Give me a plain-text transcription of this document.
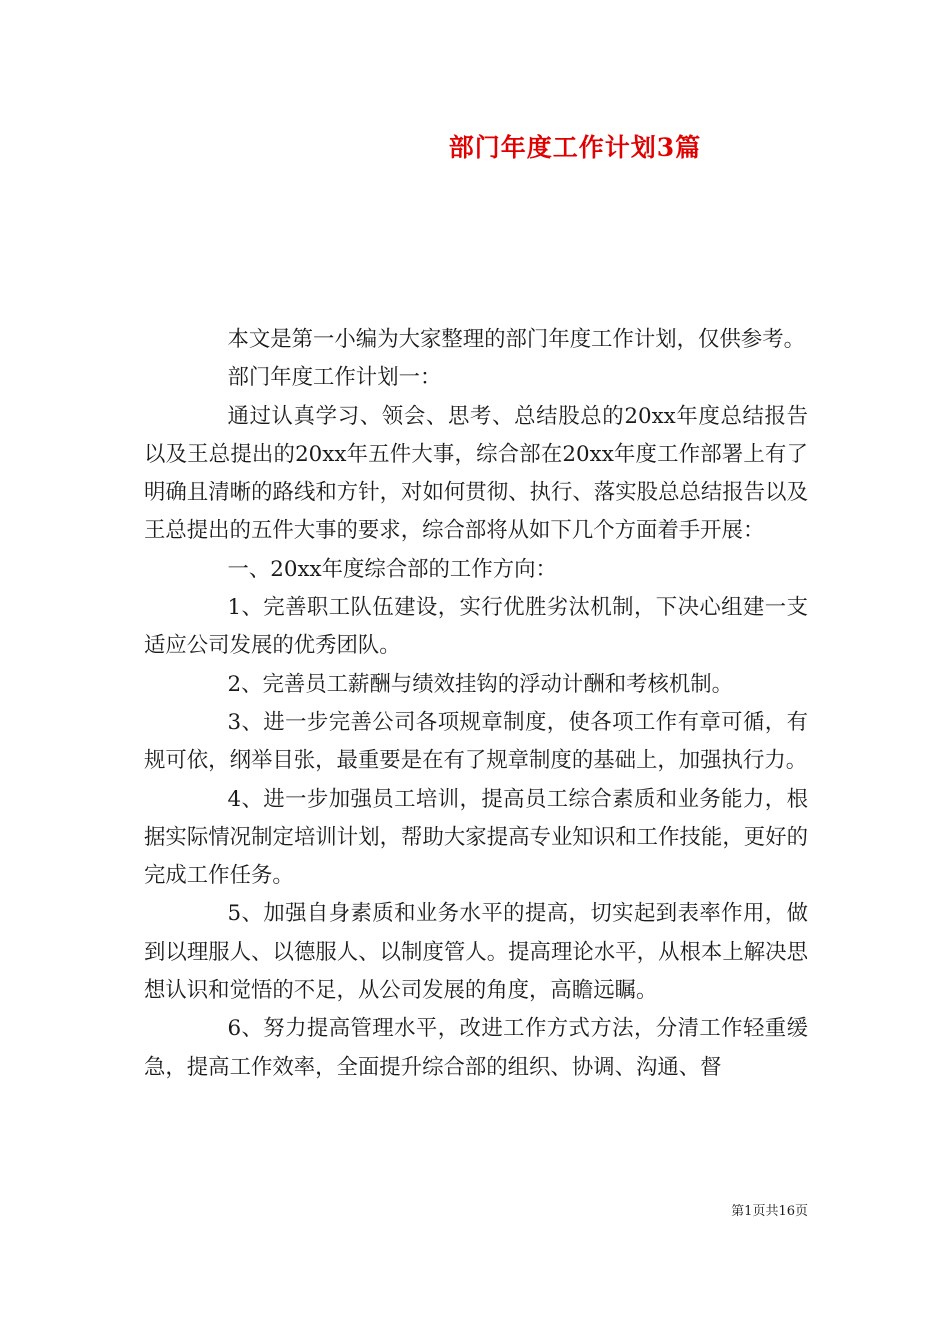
部门年度工作计划3篇

本文是第一小编为大家整理的部门年度工作计划，仅供参考。

部门年度工作计划一：

通过认真学习、领会、思考、总结股总的20xx年度总结报告以及王总提出的20xx年五件大事，综合部在20xx年度工作部署上有了明确且清晰的路线和方针，对如何贯彻、执行、落实股总总结报告以及王总提出的五件大事的要求，综合部将从如下几个方面着手开展：

一、20xx年度综合部的工作方向：

1、完善职工队伍建设，实行优胜劣汰机制，下决心组建一支适应公司发展的优秀团队。

2、完善员工薪酬与绩效挂钩的浮动计酬和考核机制。

3、进一步完善公司各项规章制度，使各项工作有章可循，有规可依，纲举目张，最重要是在有了规章制度的基础上，加强执行力。

4、进一步加强员工培训，提高员工综合素质和业务能力，根据实际情况制定培训计划，帮助大家提高专业知识和工作技能，更好的完成工作任务。

5、加强自身素质和业务水平的提高，切实起到表率作用，做到以理服人、以德服人、以制度管人。提高理论水平，从根本上解决思想认识和觉悟的不足，从公司发展的角度，高瞻远瞩。

6、努力提高管理水平，改进工作方式方法，分清工作轻重缓急，提高工作效率，全面提升综合部的组织、协调、沟通、督

第1页共16页
